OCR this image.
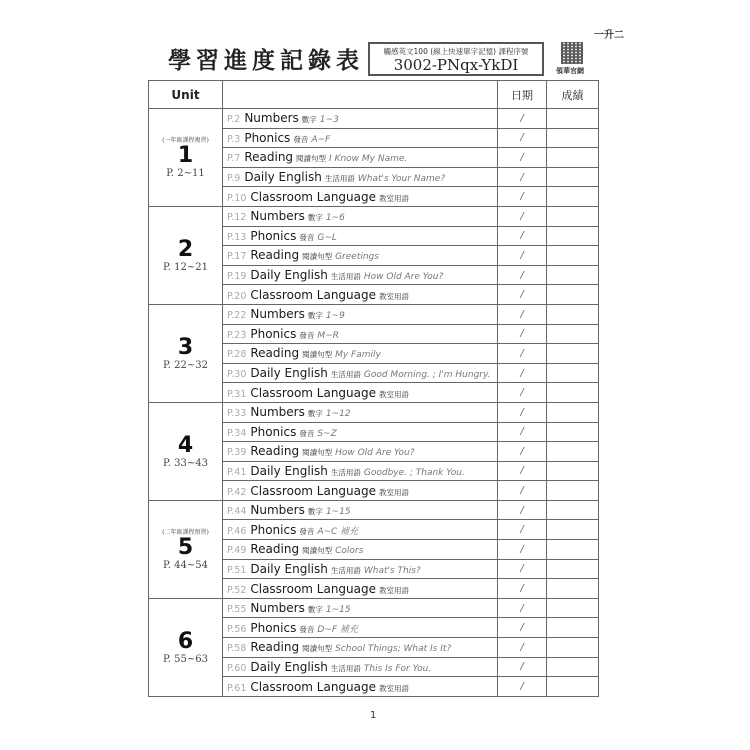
一升二
學習進度記錄表	觸感英文100 (線上快速單字記憶) 課程序號
3002-PNqx-YkDI	領華官網
Unit		日期	成績

(一年級課程複習)
1
P. 2~11	P.2 Numbers 數字 1~3	/	
	P.3 Phonics 發音 A~F	/	
	P.7 Reading 閱讀句型 I Know My Name.	/	
	P.9 Daily English 生活用語 What's Your Name?	/	
	P.10 Classroom Language 教室用語	/	

2
P. 12~21	P.12 Numbers 數字 1~6	/	
	P.13 Phonics 發音 G~L	/	
	P.17 Reading 閱讀句型 Greetings	/	
	P.19 Daily English 生活用語 How Old Are You?	/	
	P.20 Classroom Language 教室用語	/	

3
P. 22~32	P.22 Numbers 數字 1~9	/	
	P.23 Phonics 發音 M~R	/	
	P.28 Reading 閱讀句型 My Family	/	
	P.30 Daily English 生活用語 Good Morning. ; I'm Hungry.	/	
	P.31 Classroom Language 教室用語	/	

4
P. 33~43	P.33 Numbers 數字 1~12	/	
	P.34 Phonics 發音 S~Z	/	
	P.39 Reading 閱讀句型 How Old Are You?	/	
	P.41 Daily English 生活用語 Goodbye. ; Thank You.	/	
	P.42 Classroom Language 教室用語	/	

(二年級課程預習)
5
P. 44~54	P.44 Numbers 數字 1~15	/	
	P.46 Phonics 發音 A~C 補充	/	
	P.49 Reading 閱讀句型 Colors	/	
	P.51 Daily English 生活用語 What's This?	/	
	P.52 Classroom Language 教室用語	/	

6
P. 55~63	P.55 Numbers 數字 1~15	/	
	P.56 Phonics 發音 D~F 補充	/	
	P.58 Reading 閱讀句型 School Things; What Is It?	/	
	P.60 Daily English 生活用語 This Is For You.	/	
	P.61 Classroom Language 教室用語	/	
1
